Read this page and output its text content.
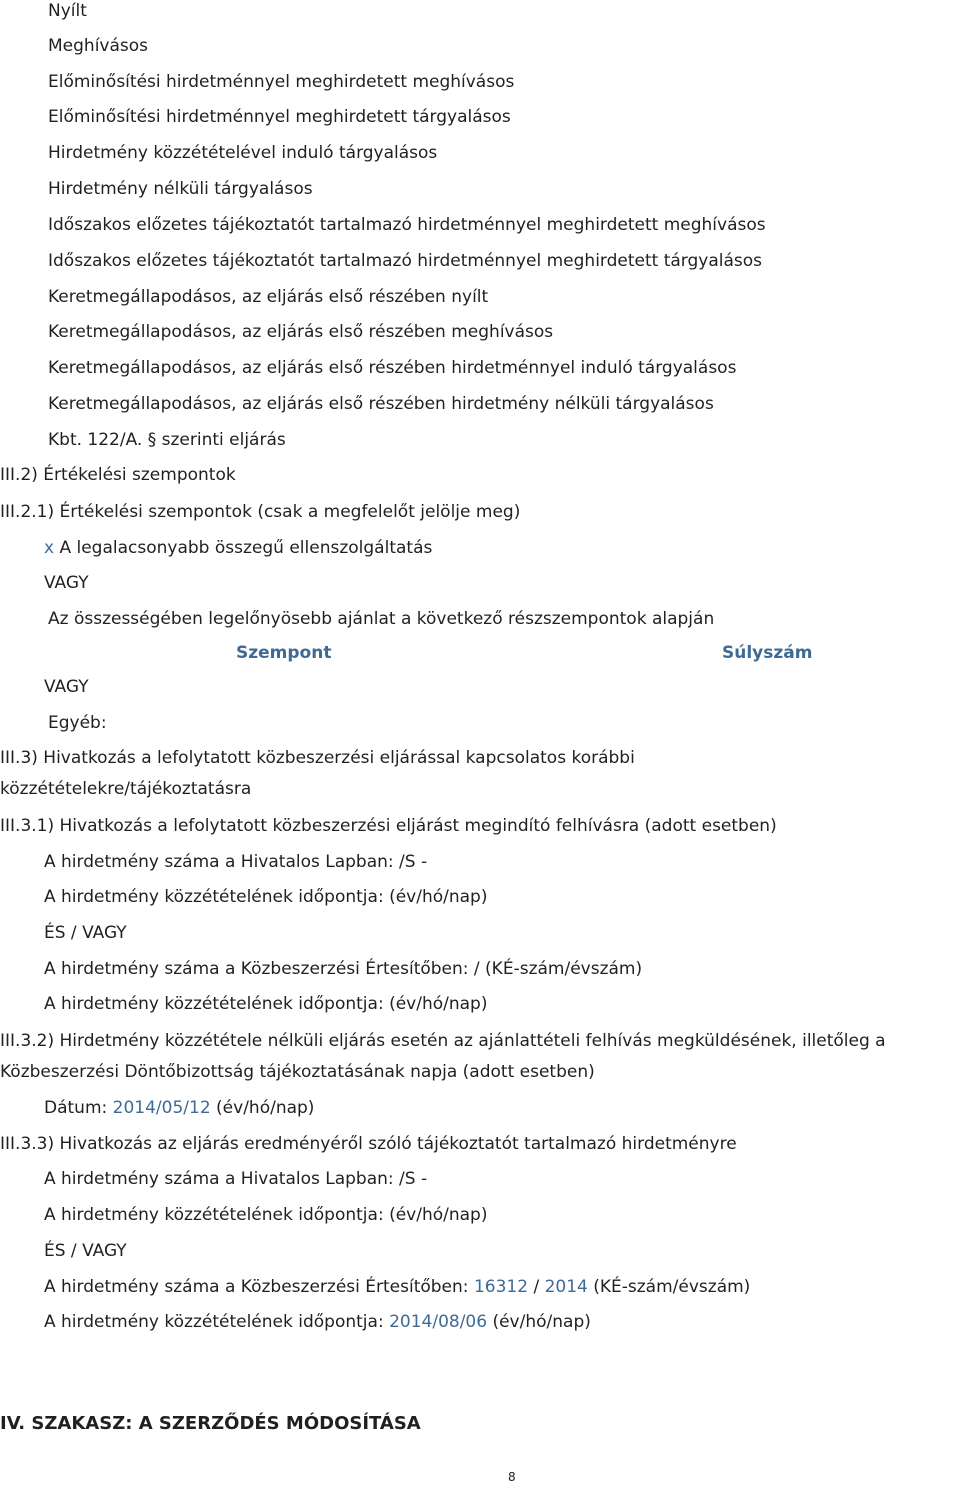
Nyílt
Meghívásos
Előminősítési hirdetménnyel meghirdetett meghívásos
Előminősítési hirdetménnyel meghirdetett tárgyalásos
Hirdetmény közzétételével induló tárgyalásos
Hirdetmény nélküli tárgyalásos
Időszakos előzetes tájékoztatót tartalmazó hirdetménnyel meghirdetett meghívásos
Időszakos előzetes tájékoztatót tartalmazó hirdetménnyel meghirdetett tárgyalásos
Keretmegállapodásos, az eljárás első részében nyílt
Keretmegállapodásos, az eljárás első részében meghívásos
Keretmegállapodásos, az eljárás első részében hirdetménnyel induló tárgyalásos
Keretmegállapodásos, az eljárás első részében hirdetmény nélküli tárgyalásos
Kbt. 122/A. § szerinti eljárás
III.2) Értékelési szempontok
III.2.1) Értékelési szempontok (csak a megfelelőt jelölje meg)
x A legalacsonyabb összegű ellenszolgáltatás
VAGY
Az összességében legelőnyösebb ajánlat a következő részszempontok alapján
Szempont	Súlyszám
VAGY
Egyéb:
III.3) Hivatkozás a lefolytatott közbeszerzési eljárással kapcsolatos korábbi
közzétételekre/tájékoztatásra
III.3.1) Hivatkozás a lefolytatott közbeszerzési eljárást megindító felhívásra (adott esetben)
A hirdetmény száma a Hivatalos Lapban: /S -
A hirdetmény közzétételének időpontja: (év/hó/nap)
ÉS / VAGY
A hirdetmény száma a Közbeszerzési Értesítőben: / (KÉ-szám/évszám)
A hirdetmény közzétételének időpontja: (év/hó/nap)
III.3.2) Hirdetmény közzététele nélküli eljárás esetén az ajánlattételi felhívás megküldésének, illetőleg a
Közbeszerzési Döntőbizottság tájékoztatásának napja (adott esetben)
Dátum: 2014/05/12 (év/hó/nap)
III.3.3) Hivatkozás az eljárás eredményéről szóló tájékoztatót tartalmazó hirdetményre
A hirdetmény száma a Hivatalos Lapban: /S -
A hirdetmény közzétételének időpontja: (év/hó/nap)
ÉS / VAGY
A hirdetmény száma a Közbeszerzési Értesítőben: 16312 / 2014 (KÉ-szám/évszám)
A hirdetmény közzétételének időpontja: 2014/08/06 (év/hó/nap)
IV. SZAKASZ: A SZERZŐDÉS MÓDOSÍTÁSA
8
